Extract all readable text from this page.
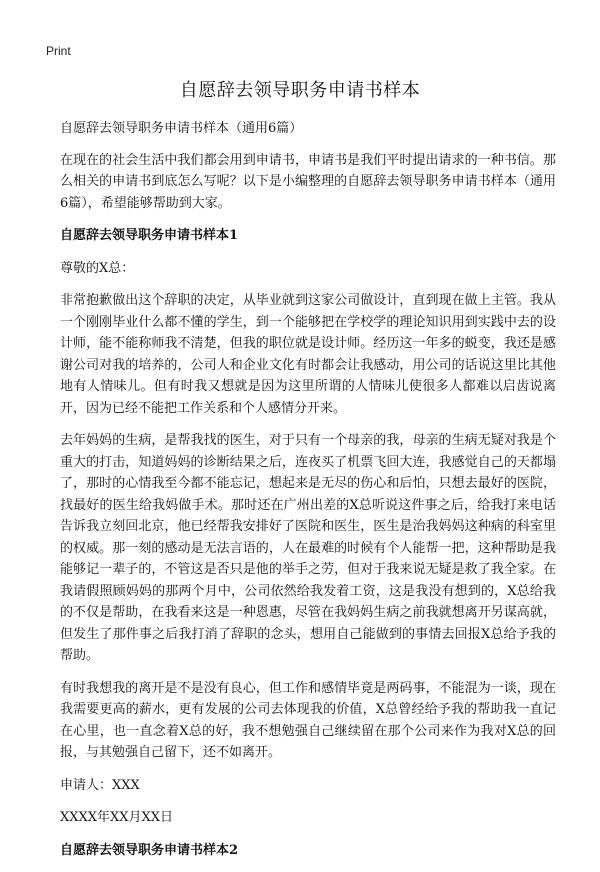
Print
自愿辞去领导职务申请书样本

自愿辞去领导职务申请书样本（通用6篇）

在现在的社会生活中我们都会用到申请书，申请书是我们平时提出请求的一种书信。那么相关的申请书到底怎么写呢？以下是小编整理的自愿辞去领导职务申请书样本（通用6篇），希望能够帮助到大家。

自愿辞去领导职务申请书样本1

尊敬的X总：

非常抱歉做出这个辞职的决定，从毕业就到这家公司做设计，直到现在做上主管。我从一个刚刚毕业什么都不懂的学生，到一个能够把在学校学的理论知识用到实践中去的设计师，能不能称师我不清楚，但我的职位就是设计师。经历这一年多的蜕变，我还是感谢公司对我的培养的，公司人和企业文化有时都会让我感动，用公司的话说这里比其他地有人情味儿。但有时我又想就是因为这里所谓的人情味儿使很多人都难以启齿说离开，因为已经不能把工作关系和个人感情分开来。

去年妈妈的生病，是帮我找的医生，对于只有一个母亲的我，母亲的生病无疑对我是个重大的打击，知道妈妈的诊断结果之后，连夜买了机票飞回大连，我感觉自己的天都塌了，那时的心情我至今都不能忘记，想起来是无尽的伤心和后怕，只想去最好的医院，找最好的医生给我妈做手术。那时还在广州出差的X总听说这件事之后，给我打来电话告诉我立刻回北京，他已经帮我安排好了医院和医生，医生是治我妈妈这种病的科室里的权威。那一刻的感动是无法言语的，人在最难的时候有个人能帮一把，这种帮助是我能够记一辈子的，不管这是否只是他的举手之劳，但对于我来说无疑是救了我全家。在我请假照顾妈妈的那两个月中，公司依然给我发着工资，这是我没有想到的，X总给我的不仅是帮助，在我看来这是一种恩惠，尽管在我妈妈生病之前我就想离开另谋高就，但发生了那件事之后我打消了辞职的念头，想用自己能做到的事情去回报X总给予我的帮助。

有时我想我的离开是不是没有良心，但工作和感情毕竟是两码事，不能混为一谈，现在我需要更高的薪水，更有发展的公司去体现我的价值，X总曾经给予我的帮助我一直记在心里，也一直念着X总的好，我不想勉强自己继续留在那个公司来作为我对X总的回报，与其勉强自己留下，还不如离开。

申请人：XXX

XXXX年XX月XX日

自愿辞去领导职务申请书样本2
